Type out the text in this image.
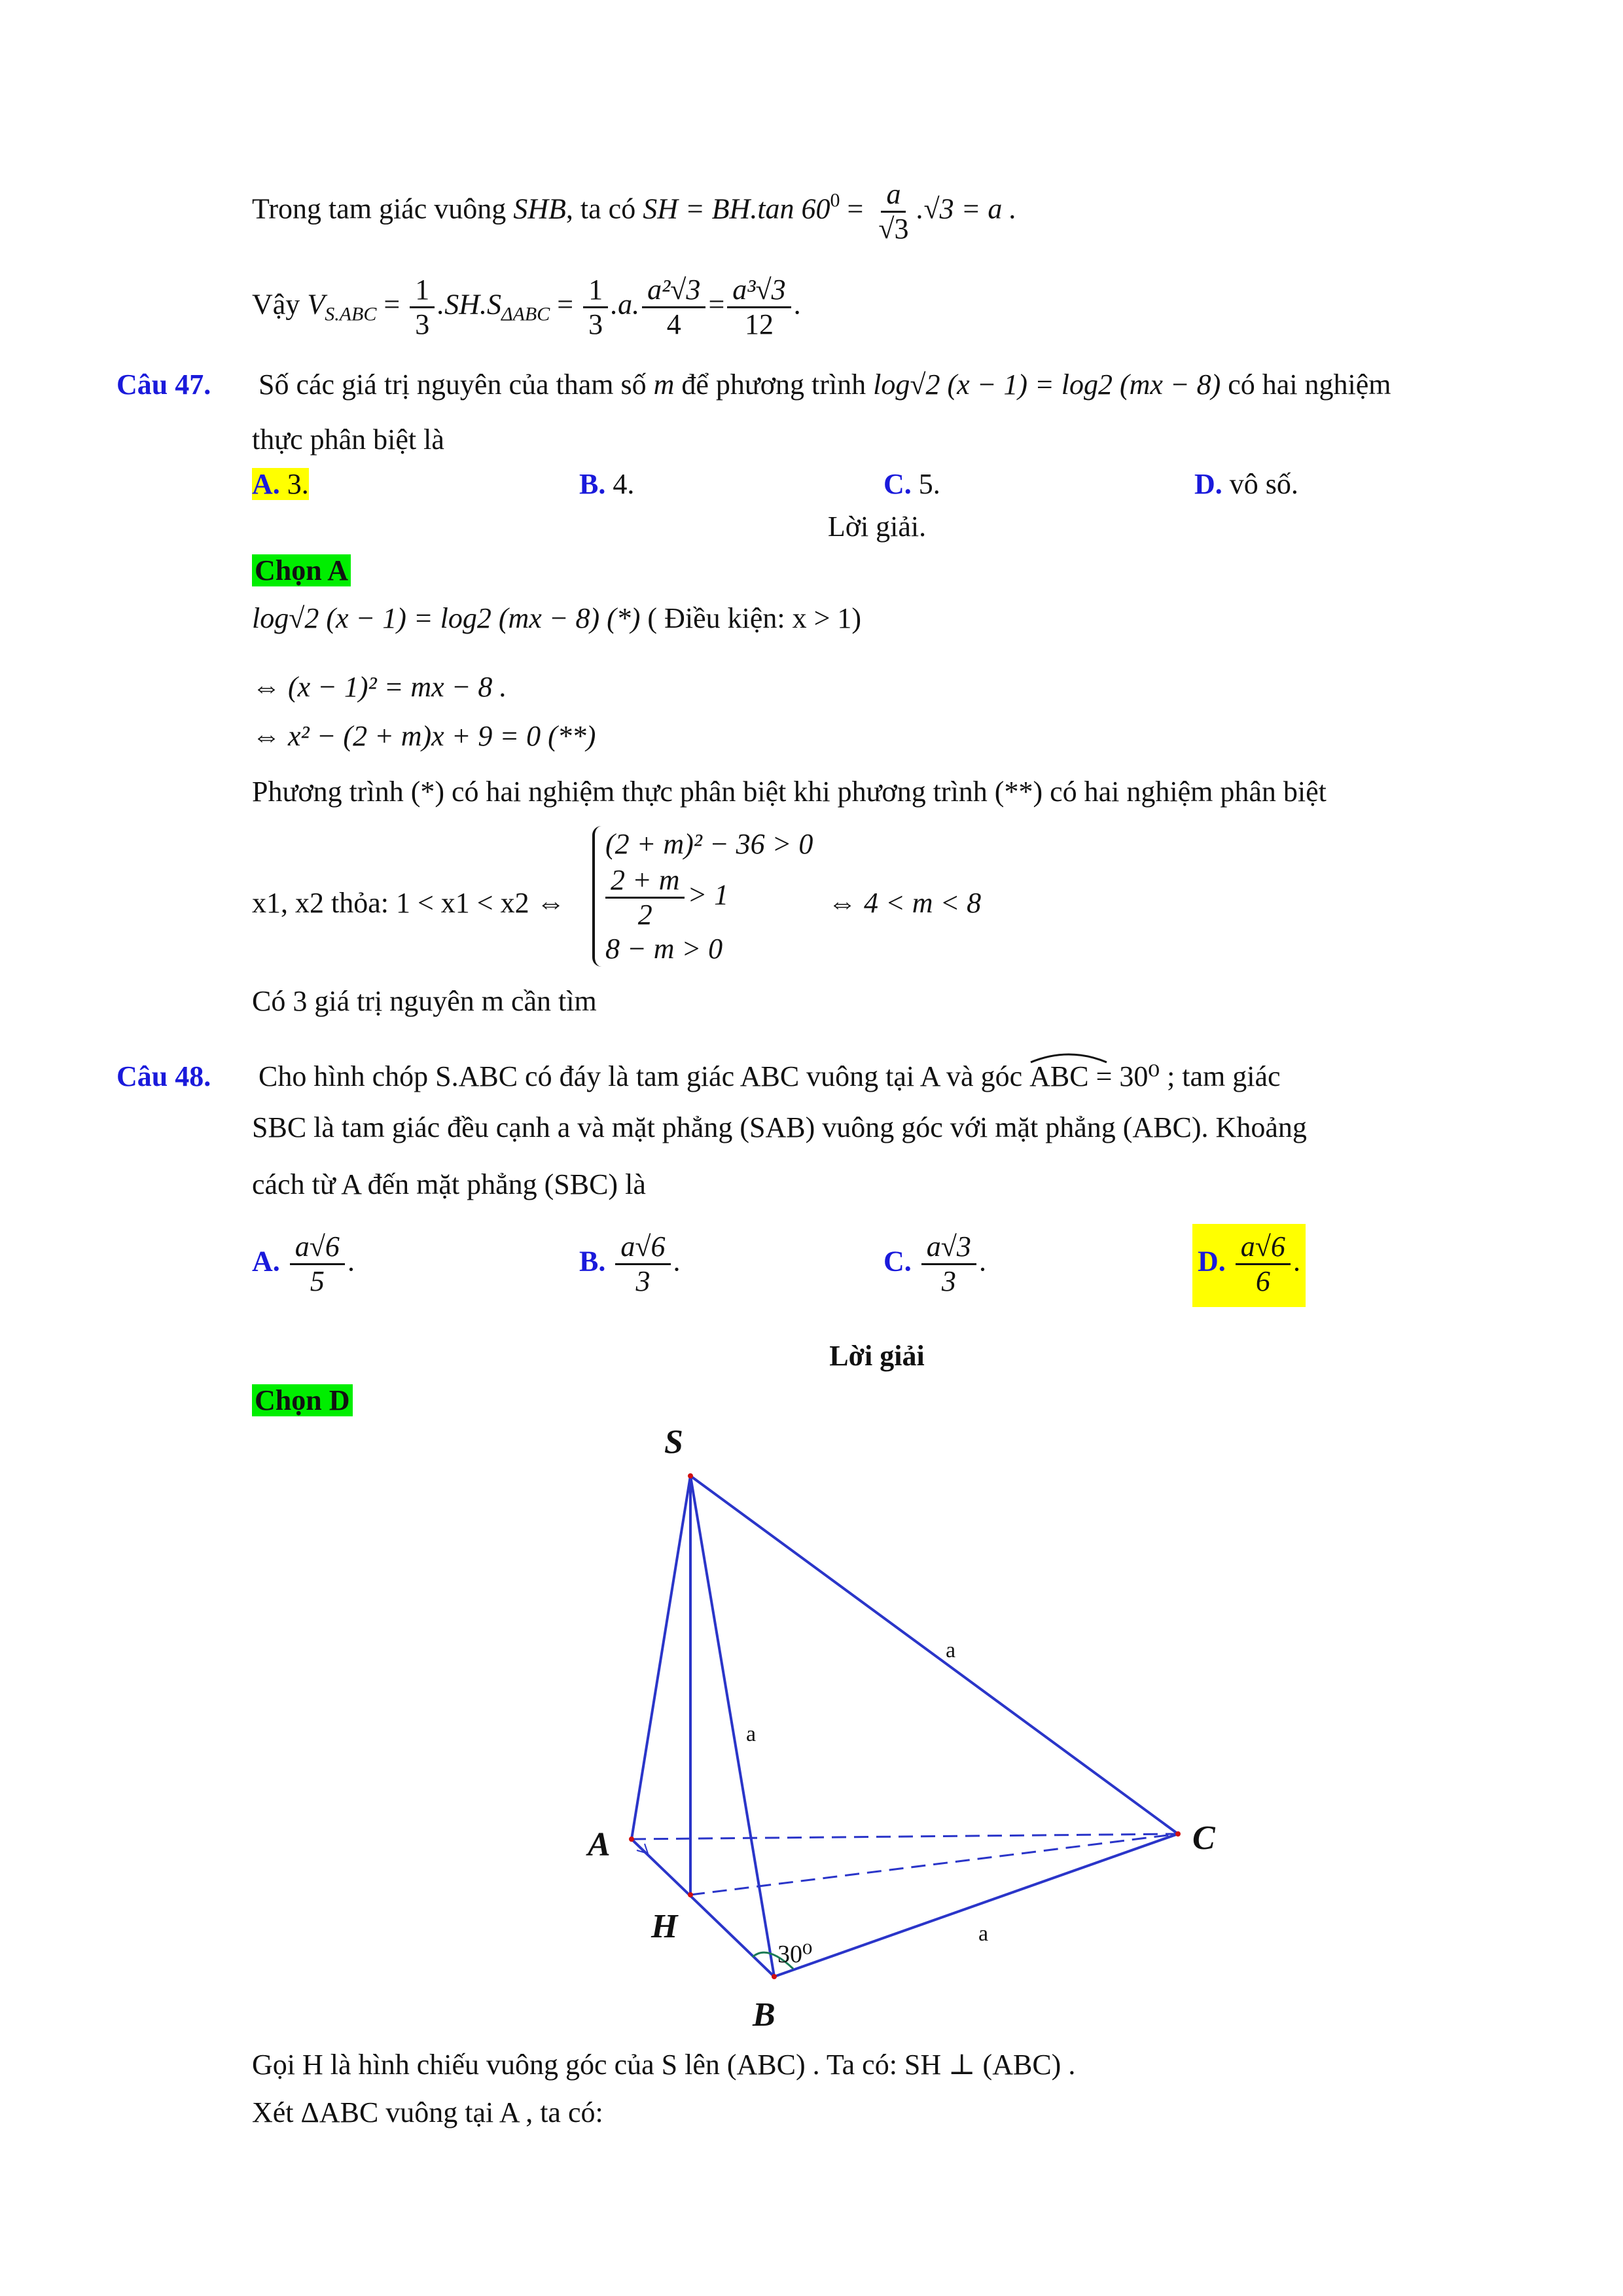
Trong tam giác vuông SHB, ta có SH = BH.tan $60^0 = \frac{a}{√3} .√3 = a$ .
Vậy $V_{S.ABC} = \frac{1}{3} .SH.S_{\Delta ABC} = \frac{1}{3} .a$. $\frac{\text{a²√3}}{4} = \frac{\text{a³√3}}{12}$ .
Câu 47. Số các giá trị nguyên của tham số m để phương trình log√2 (x − 1) = log2 (mx − 8) có hai nghiệm
thực phân biệt là
A. 3.	B. 4.	C. 5.	D. vô số.
Lời giải.
Chọn A
log√2 (x − 1) = log2 (mx − 8) (*) ( Điều kiện: x > 1)
⇔ (x − 1)² = mx − 8 .
⇔ x² − (2 + m)x + 9 = 0 (**)
Phương trình (*) có hai nghiệm thực phân biệt khi phương trình (**) có hai nghiệm phân biệt
x1, x2 thỏa: 1 < x1 < x2 ⇔
(2 + m)² − 36 > 0
$\frac{2 + m}{2} > 1$
8 − m > 0
⇔ 4 < m < 8
Có 3 giá trị nguyên m cần tìm
Câu 48. Cho hình chóp S.ABC có đáy là tam giác ABC vuông tại A và góc ABC = 30⁰ ; tam giác
SBC là tam giác đều cạnh a và mặt phẳng (SAB) vuông góc với mặt phẳng (ABC). Khoảng
cách từ A đến mặt phẳng (SBC) là
A. $\frac{a√6}{5}$ .	B. $\frac{a√6}{3}$ .	C. $\frac{a√3}{3}$ .	D. $\frac{a√6}{6}$ .
Lời giải
Chọn D
S
A
H
B
C
a
a
a
30⁰
Gọi H là hình chiếu vuông góc của S lên (ABC) . Ta có: SH ⊥ (ABC) .
Xét ΔABC vuông tại A , ta có:
